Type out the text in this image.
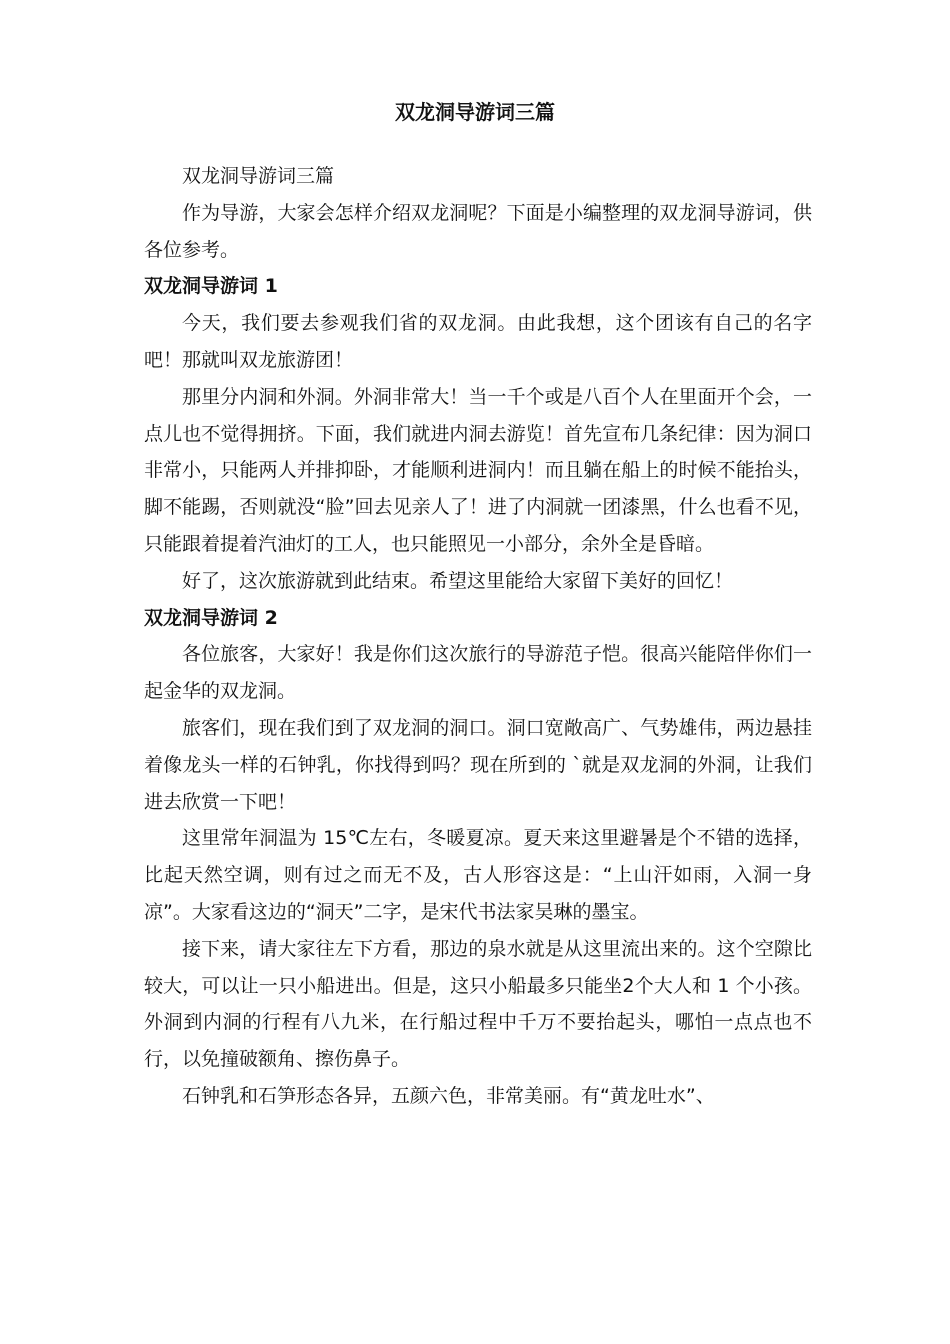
双龙洞导游词三篇

双龙洞导游词三篇

作为导游，大家会怎样介绍双龙洞呢？下面是小编整理的双龙洞导游词，供各位参考。

双龙洞导游词 1

今天，我们要去参观我们省的双龙洞。由此我想，这个团该有自己的名字吧！那就叫双龙旅游团！

那里分内洞和外洞。外洞非常大！当一千个或是八百个人在里面开个会，一点儿也不觉得拥挤。下面，我们就进内洞去游览！首先宣布几条纪律：因为洞口非常小，只能两人并排抑卧，才能顺利进洞内！而且躺在船上的时候不能抬头，脚不能踢，否则就没“脸”回去见亲人了！进了内洞就一团漆黑，什么也看不见，只能跟着提着汽油灯的工人，也只能照见一小部分，余外全是昏暗。

好了，这次旅游就到此结束。希望这里能给大家留下美好的回忆！

双龙洞导游词 2

各位旅客，大家好！我是你们这次旅行的导游范子恺。很高兴能陪伴你们一起金华的双龙洞。

旅客们，现在我们到了双龙洞的洞口。洞口宽敞高广、气势雄伟，两边悬挂着像龙头一样的石钟乳，你找得到吗？现在所到的 `就是双龙洞的外洞，让我们进去欣赏一下吧！

这里常年洞温为 15℃左右，冬暖夏凉。夏天来这里避暑是个不错的选择，比起天然空调，则有过之而无不及，古人形容这是：“上山汗如雨，入洞一身凉”。大家看这边的“洞天”二字，是宋代书法家吴琳的墨宝。

接下来，请大家往左下方看，那边的泉水就是从这里流出来的。这个空隙比较大，可以让一只小船进出。但是，这只小船最多只能坐2个大人和 1 个小孩。外洞到内洞的行程有八九米，在行船过程中千万不要抬起头，哪怕一点点也不行，以免撞破额角、擦伤鼻子。

石钟乳和石笋形态各异，五颜六色，非常美丽。有“黄龙吐水”、
